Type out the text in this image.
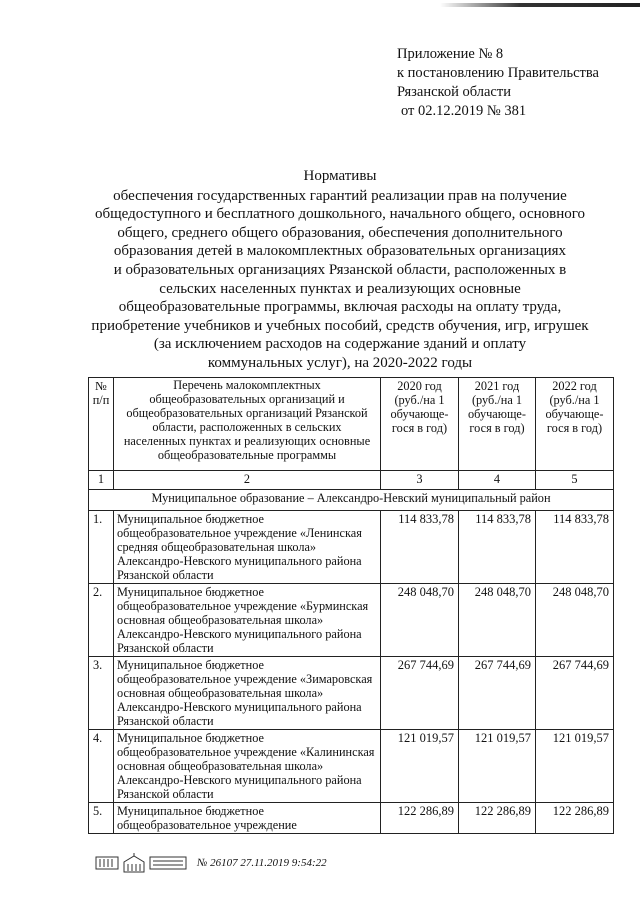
Приложение № 8
к постановлению Правительства
Рязанской области
от 02.12.2019 № 381
Нормативы
обеспечения государственных гарантий реализации прав на получение
общедоступного и бесплатного дошкольного, начального общего, основного
общего, среднего общего образования, обеспечения дополнительного
образования детей в малокомплектных образовательных организациях
и образовательных организациях Рязанской области, расположенных в
сельских населенных пунктах и реализующих основные
общеобразовательные программы, включая расходы на оплату труда,
приобретение учебников и учебных пособий, средств обучения, игр, игрушек
(за исключением расходов на содержание зданий и оплату
коммунальных услуг), на 2020-2022 годы
№ п/п	Перечень малокомплектных общеобразовательных организаций и общеобразовательных организаций Рязанской области, расположенных в сельских населенных пунктах и реализующих основные общеобразовательные программы	2020 год (руб./на 1 обучающе-гося в год)	2021 год (руб./на 1 обучающе-гося в год)	2022 год (руб./на 1 обучающе-гося в год)
1	2	3	4	5
Муниципальное образование – Александро-Невский муниципальный район				
1.	Муниципальное бюджетное общеобразовательное учреждение «Ленинская средняя общеобразовательная школа» Александро-Невского муниципального района Рязанской области	114 833,78	114 833,78	114 833,78
2.	Муниципальное бюджетное общеобразовательное учреждение «Бурминская основная общеобразовательная школа» Александро-Невского муниципального района Рязанской области	248 048,70	248 048,70	248 048,70
3.	Муниципальное бюджетное общеобразовательное учреждение «Зимаровская основная общеобразовательная школа» Александро-Невского муниципального района Рязанской области	267 744,69	267 744,69	267 744,69
4.	Муниципальное бюджетное общеобразовательное учреждение «Калининская основная общеобразовательная школа» Александро-Невского муниципального района Рязанской области	121 019,57	121 019,57	121 019,57
5.	Муниципальное бюджетное общеобразовательное учреждение	122 286,89	122 286,89	122 286,89
№ 26107 27.11.2019 9:54:22
